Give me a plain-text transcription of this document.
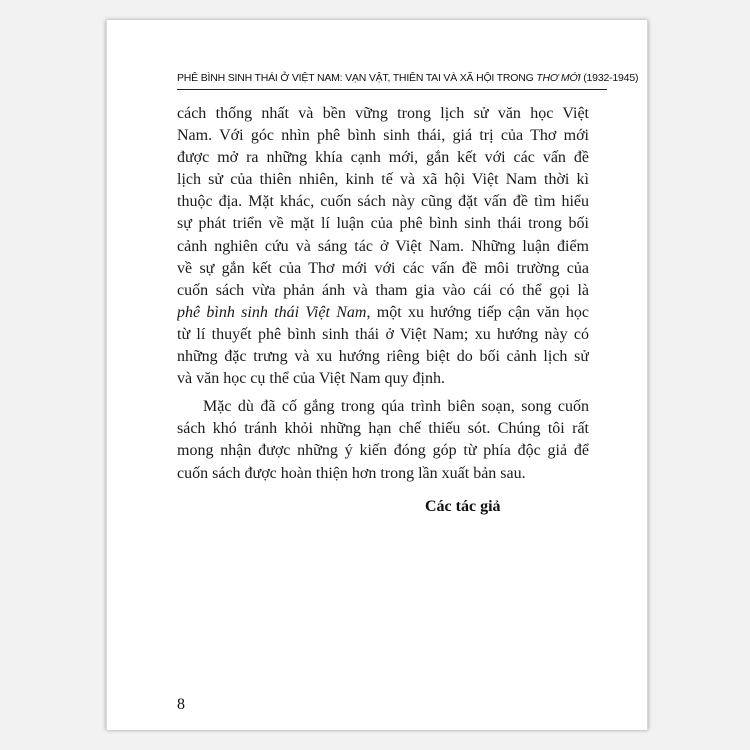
PHÊ BÌNH SINH THÁI Ở VIỆT NAM: VẠN VẬT, THIÊN TAI VÀ XÃ HỘI TRONG THƠ MỚI (1932-1945)
cách thống nhất và bền vững trong lịch sử văn học Việt
Nam. Với góc nhìn phê bình sinh thái, giá trị của Thơ mới
được mở ra những khía cạnh mới, gắn kết với các vấn đề
lịch sử của thiên nhiên, kinh tế và xã hội Việt Nam thời kì
thuộc địa. Mặt khác, cuốn sách này cũng đặt vấn đề tìm hiểu
sự phát triển về mặt lí luận của phê bình sinh thái trong bối
cảnh nghiên cứu và sáng tác ở Việt Nam. Những luận điểm
về sự gắn kết của Thơ mới với các vấn đề môi trường của
cuốn sách vừa phản ánh và tham gia vào cái có thể gọi là
phê bình sinh thái Việt Nam, một xu hướng tiếp cận văn học
từ lí thuyết phê bình sinh thái ở Việt Nam; xu hướng này có
những đặc trưng và xu hướng riêng biệt do bối cảnh lịch sử
và văn học cụ thể của Việt Nam quy định.
Mặc dù đã cố gắng trong qúa trình biên soạn, song cuốn
sách khó tránh khỏi những hạn chế thiếu sót. Chúng tôi rất
mong nhận được những ý kiến đóng góp từ phía độc giả để
cuốn sách được hoàn thiện hơn trong lần xuất bản sau.
Các tác giả
8
